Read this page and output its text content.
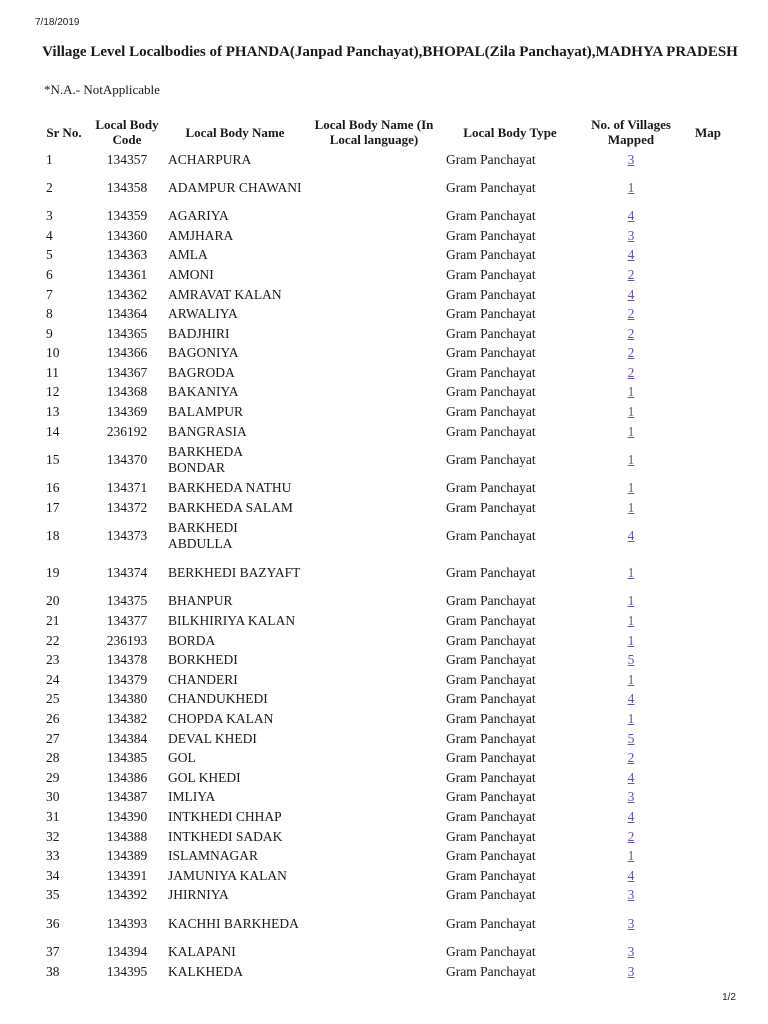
7/18/2019
Village Level Localbodies of PHANDA(Janpad Panchayat),BHOPAL(Zila Panchayat),MADHYA PRADESH
*N.A.- NotApplicable
Sr No.	Local Body Code	Local Body Name	Local Body Name (In Local language)	Local Body Type	No. of Villages Mapped	Map
1	134357	ACHARPURA		Gram Panchayat	3	
2	134358	ADAMPUR CHAWANI		Gram Panchayat	1	
3	134359	AGARIYA		Gram Panchayat	4	
4	134360	AMJHARA		Gram Panchayat	3	
5	134363	AMLA		Gram Panchayat	4	
6	134361	AMONI		Gram Panchayat	2	
7	134362	AMRAVAT KALAN		Gram Panchayat	4	
8	134364	ARWALIYA		Gram Panchayat	2	
9	134365	BADJHIRI		Gram Panchayat	2	
10	134366	BAGONIYA		Gram Panchayat	2	
11	134367	BAGRODA		Gram Panchayat	2	
12	134368	BAKANIYA		Gram Panchayat	1	
13	134369	BALAMPUR		Gram Panchayat	1	
14	236192	BANGRASIA		Gram Panchayat	1	
15	134370	BARKHEDA BONDAR		Gram Panchayat	1	
16	134371	BARKHEDA NATHU		Gram Panchayat	1	
17	134372	BARKHEDA SALAM		Gram Panchayat	1	
18	134373	BARKHEDI ABDULLA		Gram Panchayat	4	
19	134374	BERKHEDI BAZYAFT		Gram Panchayat	1	
20	134375	BHANPUR		Gram Panchayat	1	
21	134377	BILKHIRIYA KALAN		Gram Panchayat	1	
22	236193	BORDA		Gram Panchayat	1	
23	134378	BORKHEDI		Gram Panchayat	5	
24	134379	CHANDERI		Gram Panchayat	1	
25	134380	CHANDUKHEDI		Gram Panchayat	4	
26	134382	CHOPDA KALAN		Gram Panchayat	1	
27	134384	DEVAL KHEDI		Gram Panchayat	5	
28	134385	GOL		Gram Panchayat	2	
29	134386	GOL KHEDI		Gram Panchayat	4	
30	134387	IMLIYA		Gram Panchayat	3	
31	134390	INTKHEDI CHHAP		Gram Panchayat	4	
32	134388	INTKHEDI SADAK		Gram Panchayat	2	
33	134389	ISLAMNAGAR		Gram Panchayat	1	
34	134391	JAMUNIYA KALAN		Gram Panchayat	4	
35	134392	JHIRNIYA		Gram Panchayat	3	
36	134393	KACHHI BARKHEDA		Gram Panchayat	3	
37	134394	KALAPANI		Gram Panchayat	3	
38	134395	KALKHEDA		Gram Panchayat	3	
1/2
